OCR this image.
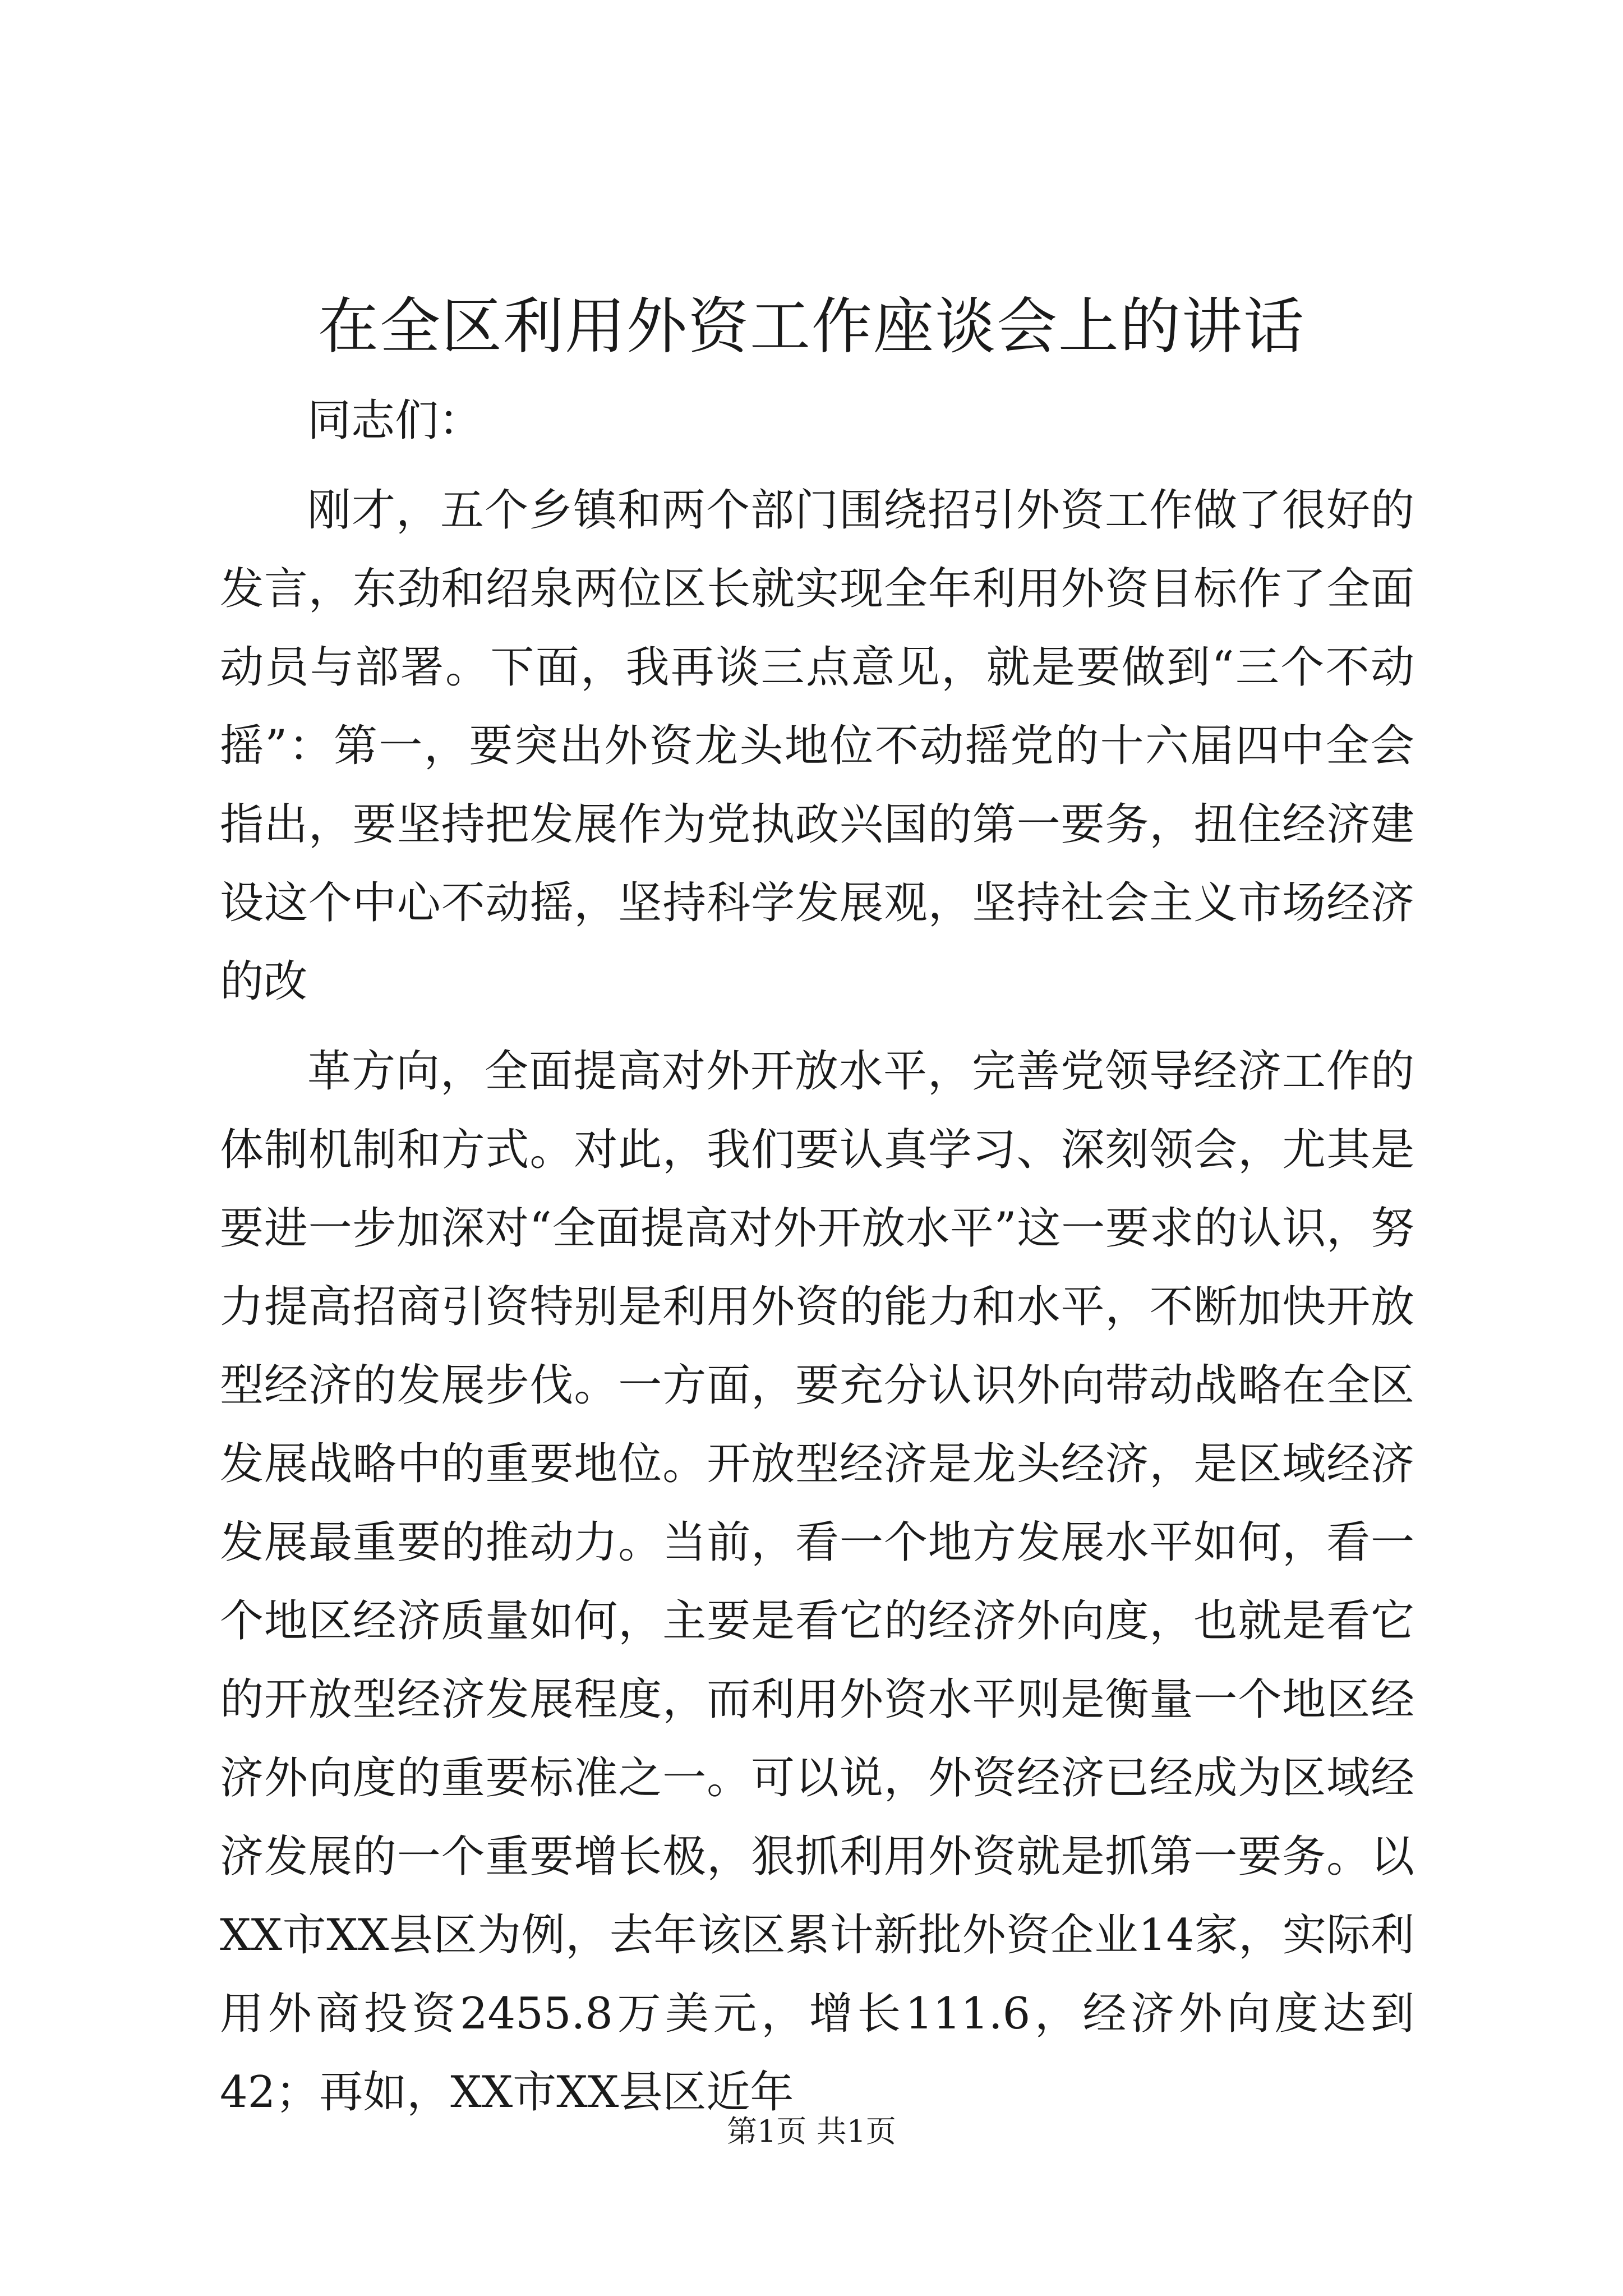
在全区利用外资工作座谈会上的讲话

同志们：

刚才，五个乡镇和两个部门围绕招引外资工作做了很好的发言，东劲和绍泉两位区长就实现全年利用外资目标作了全面动员与部署。下面，我再谈三点意见，就是要做到“三个不动摇”：第一，要突出外资龙头地位不动摇党的十六届四中全会指出，要坚持把发展作为党执政兴国的第一要务，扭住经济建设这个中心不动摇，坚持科学发展观，坚持社会主义市场经济的改

革方向，全面提高对外开放水平，完善党领导经济工作的体制机制和方式。对此，我们要认真学习、深刻领会，尤其是要进一步加深对“全面提高对外开放水平”这一要求的认识，努力提高招商引资特别是利用外资的能力和水平，不断加快开放型经济的发展步伐。一方面，要充分认识外向带动战略在全区发展战略中的重要地位。开放型经济是龙头经济，是区域经济发展最重要的推动力。当前，看一个地方发展水平如何，看一个地区经济质量如何，主要是看它的经济外向度，也就是看它的开放型经济发展程度，而利用外资水平则是衡量一个地区经济外向度的重要标准之一。可以说，外资经济已经成为区域经济发展的一个重要增长极，狠抓利用外资就是抓第一要务。以XX市XX县区为例，去年该区累计新批外资企业14家，实际利用外商投资2455.8万美元，增长111.6，经济外向度达到42；再如，XX市XX县区近年

第1页 共1页
